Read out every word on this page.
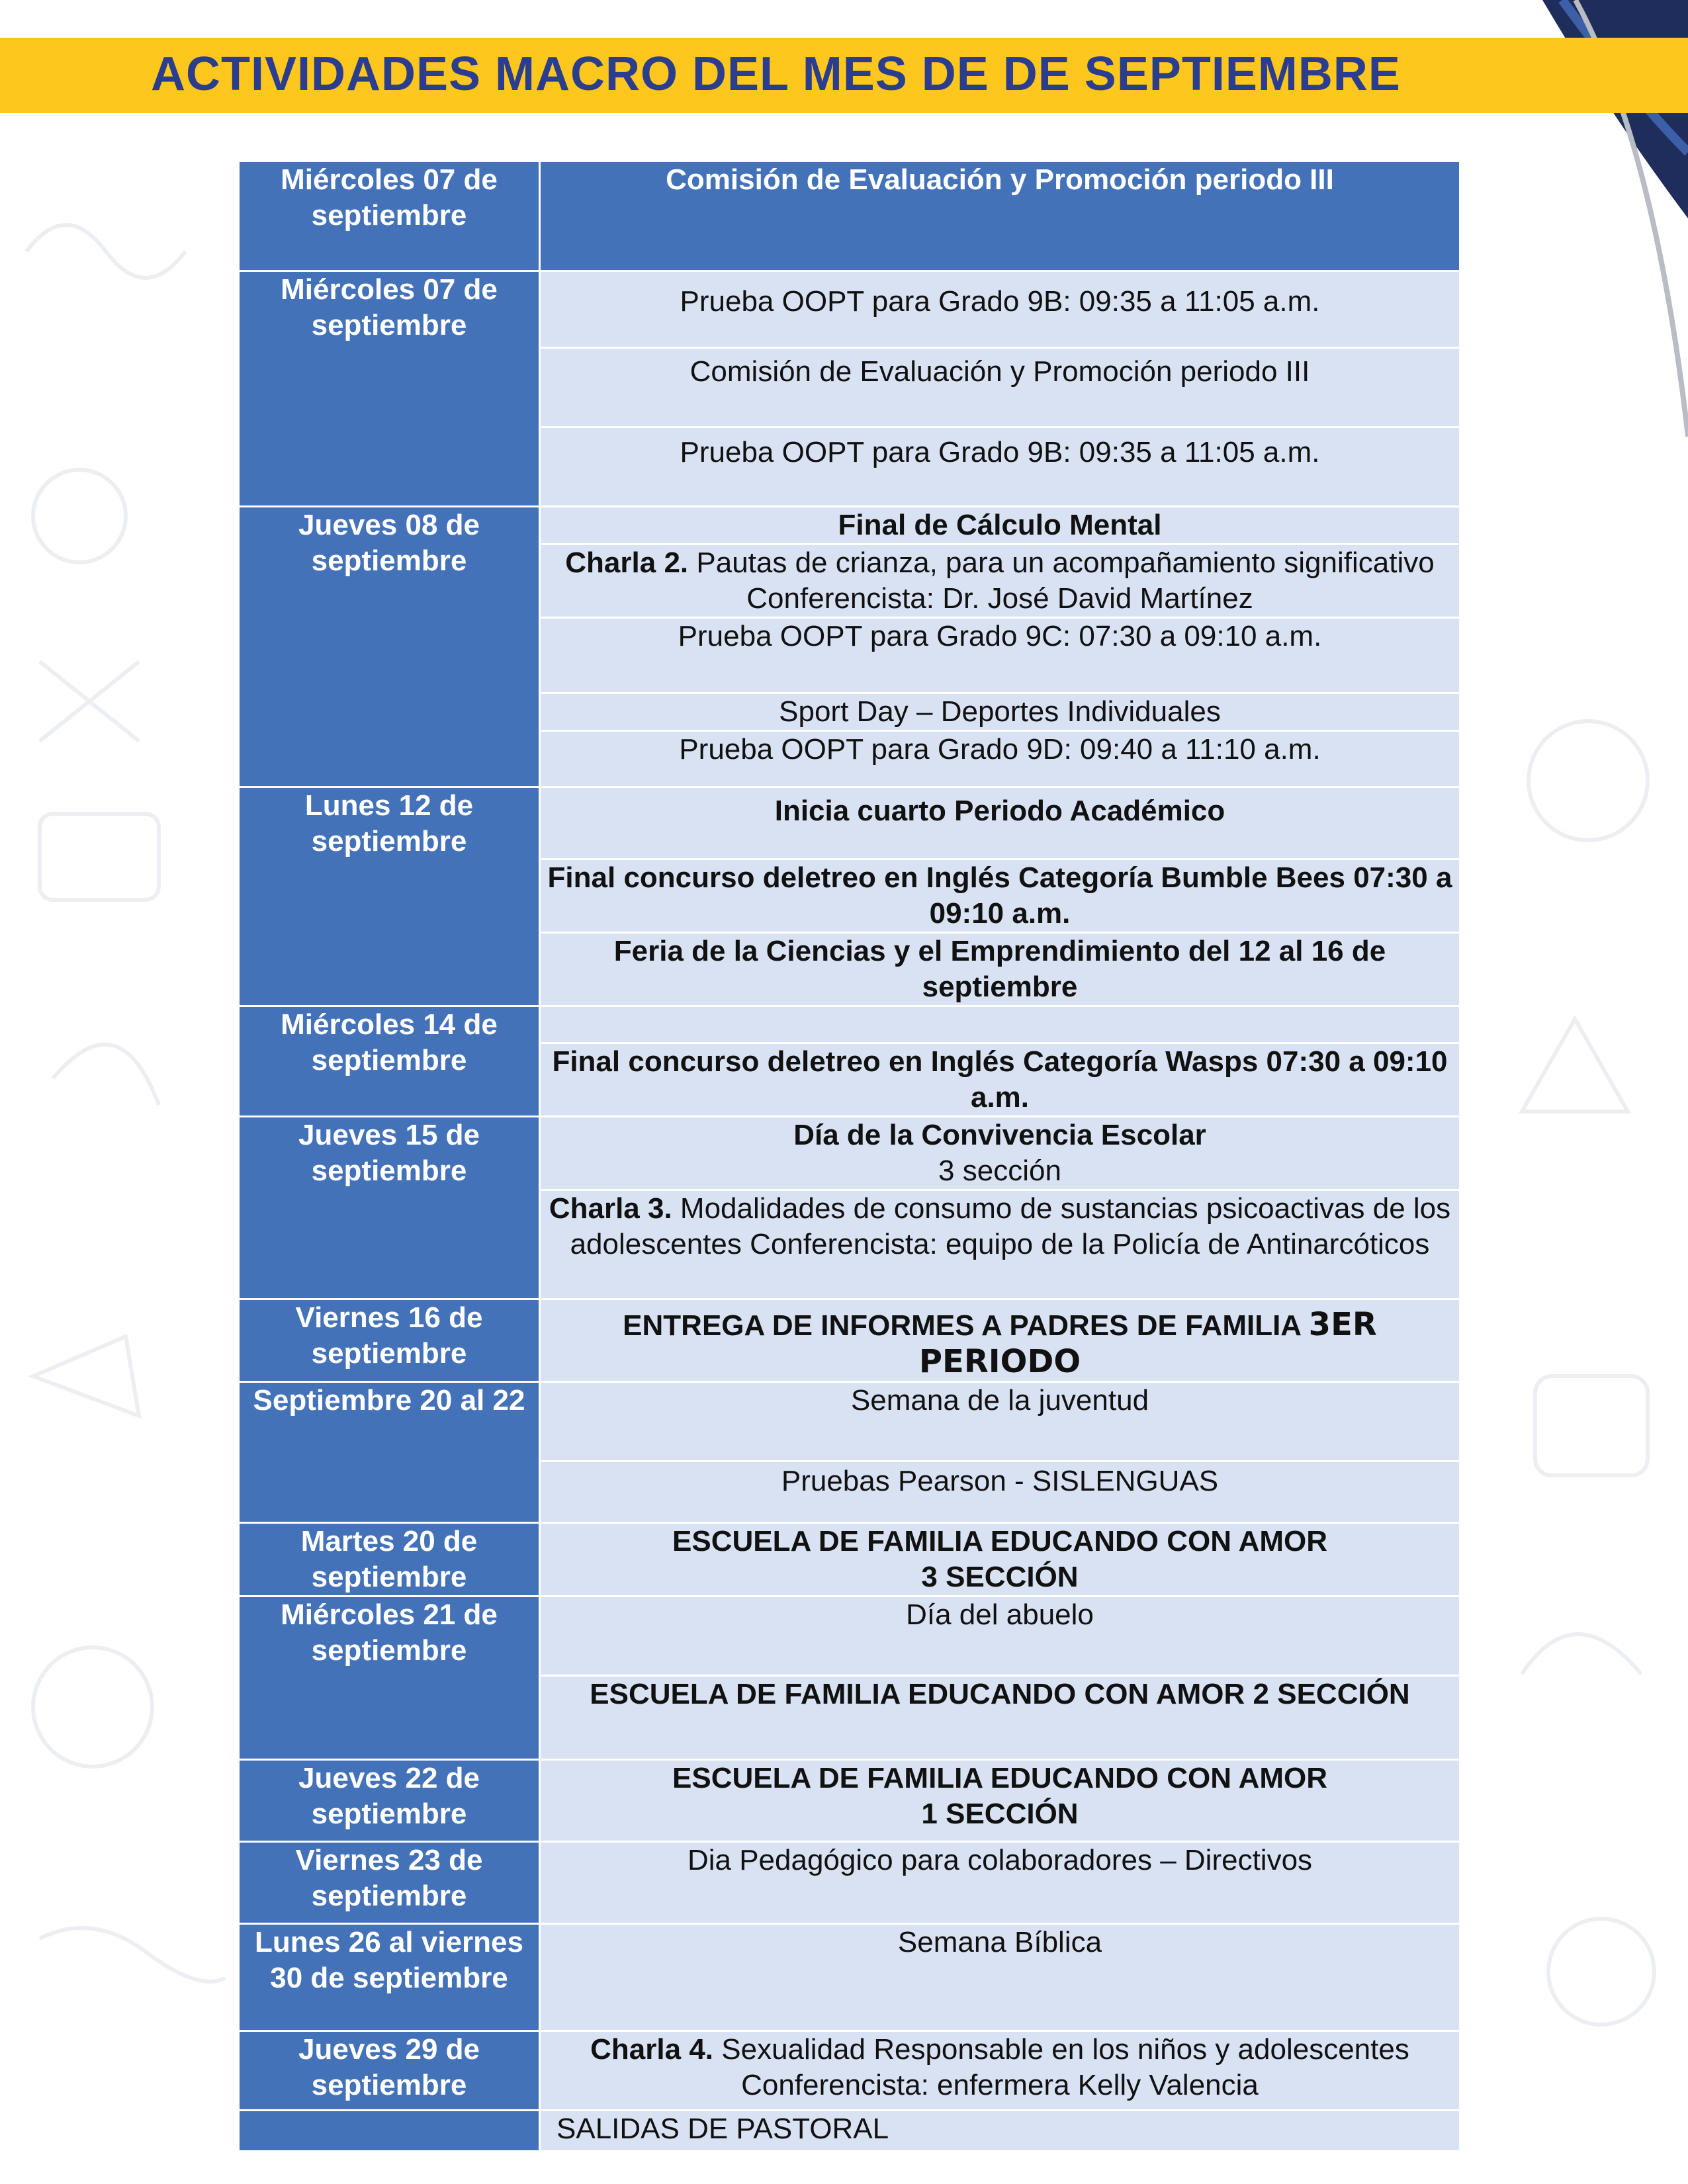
ACTIVIDADES MACRO DEL MES DE DE SEPTIEMBRE
Miércoles 07 de septiembre	Comisión de Evaluación y Promoción periodo III
Miércoles 07 de septiembre	Prueba OOPT para Grado 9B: 09:35 a 11:05 a.m.
	Comisión de Evaluación y Promoción periodo III
	Prueba OOPT para Grado 9B: 09:35 a 11:05 a.m.
Jueves 08 de septiembre	Final de Cálculo Mental
	Charla 2. Pautas de crianza, para un acompañamiento significativo Conferencista: Dr. José David Martínez
	Prueba OOPT para Grado 9C: 07:30 a 09:10 a.m.
	Sport Day – Deportes Individuales
	Prueba OOPT para Grado 9D: 09:40 a 11:10 a.m.
Lunes 12 de septiembre	Inicia cuarto Periodo Académico
	Final concurso deletreo en Inglés Categoría Bumble Bees 07:30 a 09:10 a.m.
	Feria de la Ciencias y el Emprendimiento del 12 al 16 de septiembre
Miércoles 14 de septiembre	
	Final concurso deletreo en Inglés Categoría Wasps 07:30 a 09:10 a.m.
Jueves 15 de septiembre	Día de la Convivencia Escolar
3 sección

	Charla 3. Modalidades de consumo de sustancias psicoactivas de los adolescentes Conferencista: equipo de la Policía de Antinarcóticos
Viernes 16 de septiembre	ENTREGA DE INFORMES A PADRES DE FAMILIA 3ER PERIODO
Septiembre 20 al 22	Semana de la juventud
	Pruebas Pearson - SISLENGUAS
Martes 20 de septiembre	ESCUELA DE FAMILIA EDUCANDO CON AMOR
3 SECCIÓN

Miércoles 21 de septiembre	Día del abuelo
	ESCUELA DE FAMILIA EDUCANDO CON AMOR 2 SECCIÓN
Jueves 22 de septiembre	ESCUELA DE FAMILIA EDUCANDO CON AMOR
1 SECCIÓN

Viernes 23 de septiembre	Dia Pedagógico para colaboradores – Directivos
Lunes 26 al viernes 30 de septiembre	Semana Bíblica
Jueves 29 de septiembre	Charla 4. Sexualidad Responsable en los niños y adolescentes Conferencista: enfermera Kelly Valencia
	SALIDAS DE PASTORAL
